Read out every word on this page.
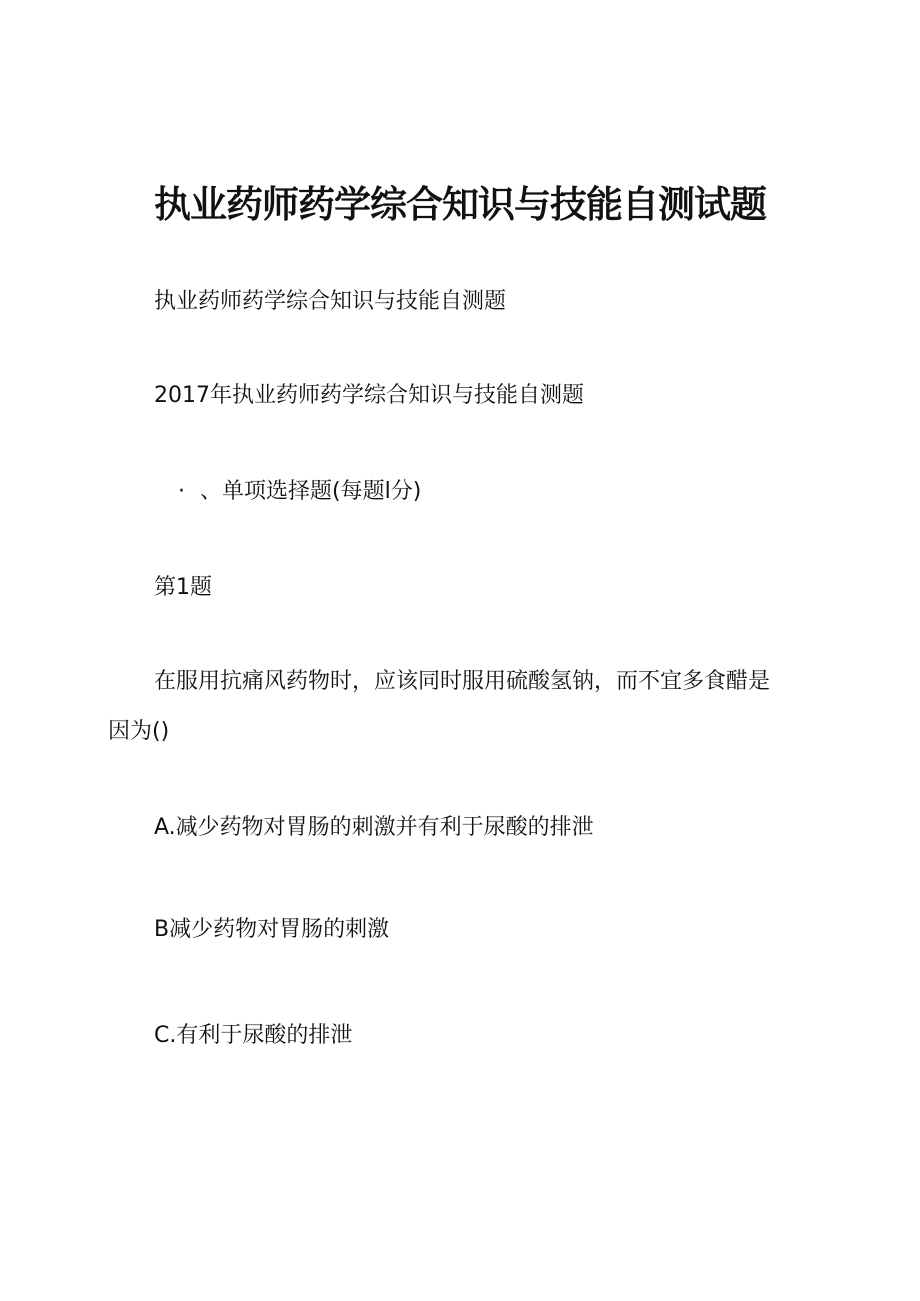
执业药师药学综合知识与技能自测试题

执业药师药学综合知识与技能自测题

2017年执业药师药学综合知识与技能自测题

· 、单项选择题(每题l分)

第1题

在服用抗痛风药物时，应该同时服用硫酸氢钠，而不宜多食醋是

因为()

A.减少药物对胃肠的刺激并有利于尿酸的排泄

B减少药物对胃肠的刺激

C.有利于尿酸的排泄
